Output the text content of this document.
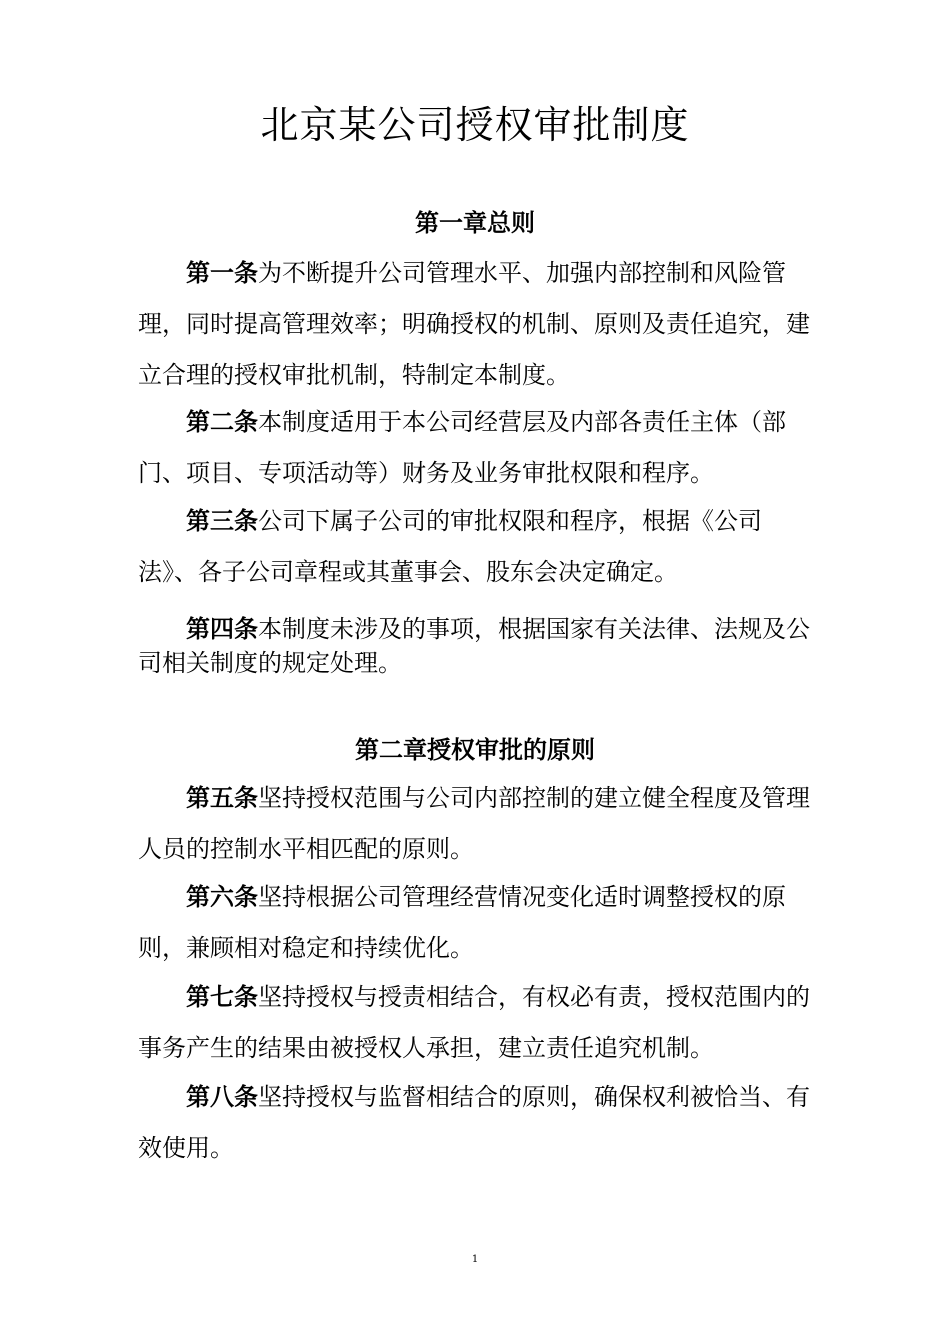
北京某公司授权审批制度
第一章总则
第一条为不断提升公司管理水平、加强内部控制和风险管理，同时提高管理效率；明确授权的机制、原则及责任追究，建立合理的授权审批机制，特制定本制度。
第二条本制度适用于本公司经营层及内部各责任主体（部门、项目、专项活动等）财务及业务审批权限和程序。
第三条公司下属子公司的审批权限和程序，根据《公司法》、各子公司章程或其董事会、股东会决定确定。
第四条本制度未涉及的事项，根据国家有关法律、法规及公司相关制度的规定处理。
第二章授权审批的原则
第五条坚持授权范围与公司内部控制的建立健全程度及管理人员的控制水平相匹配的原则。
第六条坚持根据公司管理经营情况变化适时调整授权的原则，兼顾相对稳定和持续优化。
第七条坚持授权与授责相结合，有权必有责，授权范围内的事务产生的结果由被授权人承担，建立责任追究机制。
第八条坚持授权与监督相结合的原则，确保权利被恰当、有效使用。
1
